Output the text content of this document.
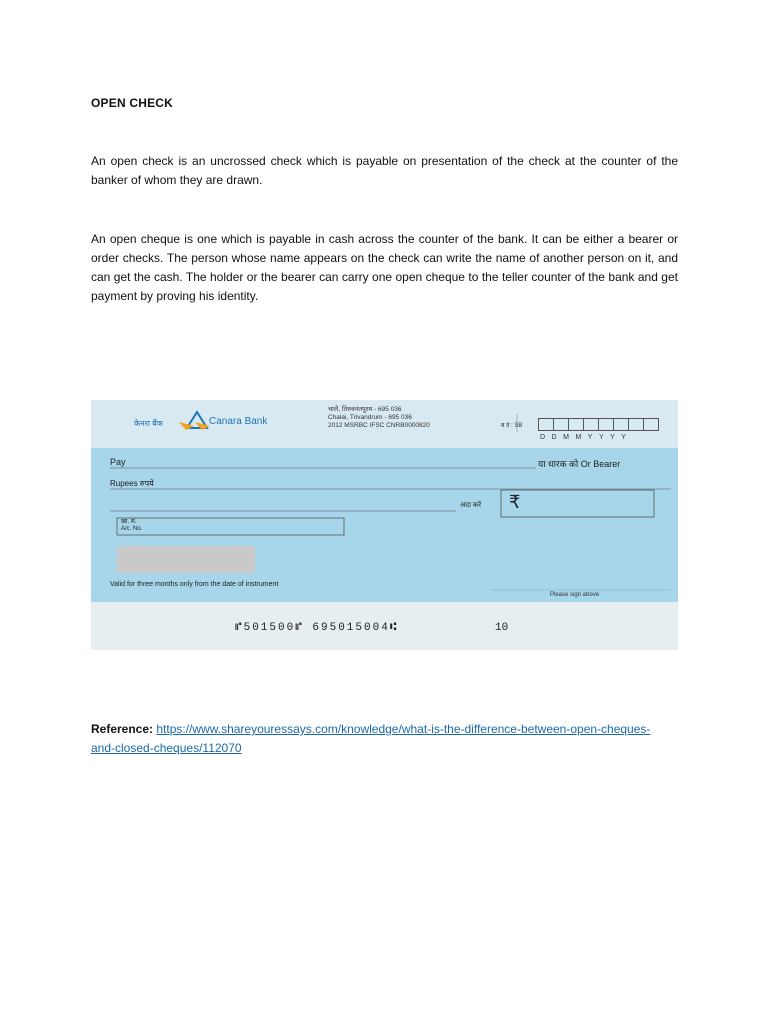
OPEN CHECK
An open check is an uncrossed check which is payable on presentation of the check at the counter of the banker of whom they are drawn.
An open cheque is one which is payable in cash across the counter of the bank. It can be either a bearer or order checks. The person whose name appears on the check can write the name of another person on it, and can get the cash. The holder or the bearer can carry one open cheque to the teller counter of the bank and get payment by proving his identity.
केनरा बैंक	Canara Bank
चालै, तिरुवनंतपुरम - 695 036
Chalai, Trivandrum - 695 036
2012 MSRBC IFSC CNRB0000820	ब वं : SB
DDMMYYYY
Pay	या धारक को Or Bearer
Rupees रुपये
अदा करें ₹
खा. सं.
A/c. No.
Valid for three months only from the date of instrument
Please sign above
⑈501500⑈ 695015004⑆	10
Reference: https://www.shareyouressays.com/knowledge/what-is-the-difference-between-open-cheques-and-closed-cheques/112070
